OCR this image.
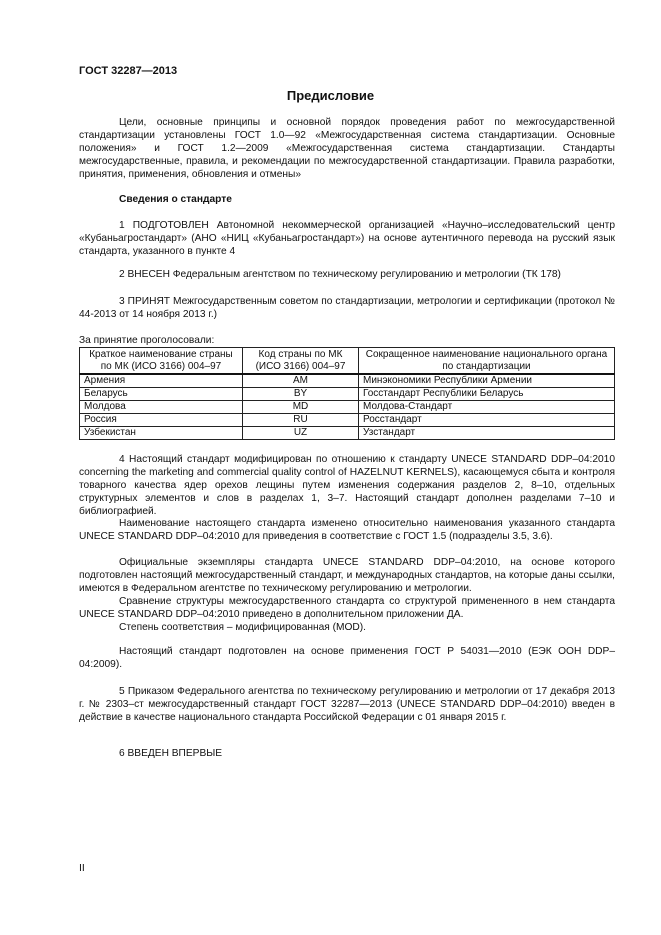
ГОСТ 32287—2013
Предисловие
Цели, основные принципы и основной порядок проведения работ по межгосударственной стандартизации установлены ГОСТ 1.0—92 «Межгосударственная система стандартизации. Основные положения» и ГОСТ 1.2—2009 «Межгосударственная система стандартизации. Стандарты межгосударственные, правила, и рекомендации по межгосударственной стандартизации. Правила разработки, принятия, применения, обновления и отмены»
Сведения о стандарте
1 ПОДГОТОВЛЕН Автономной некоммерческой организацией «Научно–исследовательский центр «Кубаньагростандарт» (АНО «НИЦ «Кубаньагростандарт») на основе аутентичного перевода на русский язык стандарта, указанного в пункте 4
2 ВНЕСЕН Федеральным агентством по техническому регулированию и метрологии (ТК 178)
3 ПРИНЯТ Межгосударственным советом по стандартизации, метрологии и сертификации (протокол № 44-2013 от 14 ноября 2013 г.)
За принятие проголосовали:
Краткое наименование страны по МК (ИСО 3166) 004–97	Код страны по МК (ИСО 3166) 004–97	Сокращенное наименование национального органа по стандартизации
Армения	AM	Минэкономики Республики Армении
Беларусь	BY	Госстандарт Республики Беларусь
Молдова	MD	Молдова-Стандарт
Россия	RU	Росстандарт
Узбекистан	UZ	Узстандарт
4 Настоящий стандарт модифицирован по отношению к стандарту UNECE STANDARD DDP–04:2010 concerning the marketing and commercial quality control of HAZELNUT KERNELS), касающемуся сбыта и контроля товарного качества ядер орехов лещины путем изменения содержания разделов 2, 8–10, отдельных структурных элементов и слов в разделах 1, 3–7. Настоящий стандарт дополнен разделами 7–10 и библиографией.
Наименование настоящего стандарта изменено относительно наименования указанного стандарта UNECE STANDARD DDP–04:2010 для приведения в соответствие с ГОСТ 1.5 (подразделы 3.5, 3.6).
Официальные экземпляры стандарта UNECE STANDARD DDP–04:2010, на основе которого подготовлен настоящий межгосударственный стандарт, и международных стандартов, на которые даны ссылки, имеются в Федеральном агентстве по техническому регулированию и метрологии.
Сравнение структуры межгосударственного стандарта со структурой примененного в нем стандарта UNECE STANDARD DDP–04:2010 приведено в дополнительном приложении ДА.
Степень соответствия – модифицированная (MOD).
Настоящий стандарт подготовлен на основе применения ГОСТ Р 54031—2010 (ЕЭК ООН DDP–04:2009).
5 Приказом Федерального агентства по техническому регулированию и метрологии от 17 декабря 2013 г. № 2303–ст межгосударственный стандарт ГОСТ 32287—2013 (UNECE STANDARD DDP–04:2010) введен в действие в качестве национального стандарта Российской Федерации с 01 января 2015 г.
6 ВВЕДЕН ВПЕРВЫЕ
II
